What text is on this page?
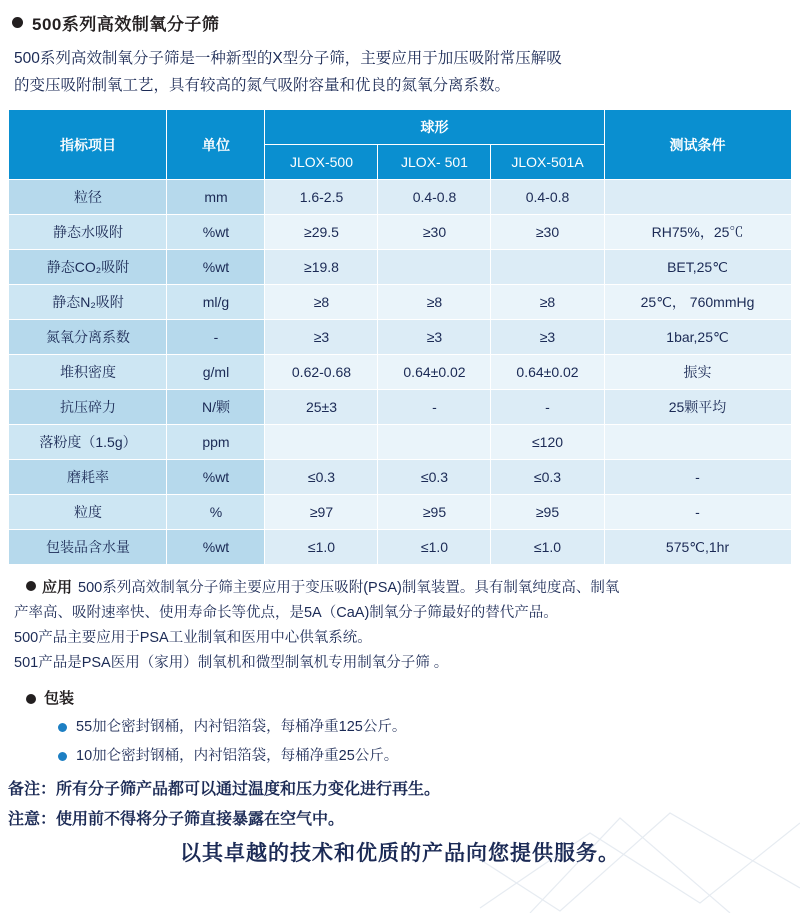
500系列高效制氧分子筛
500系列高效制氧分子筛是一种新型的X型分子筛，主要应用于加压吸附常压解吸
的变压吸附制氧工艺，具有较高的氮气吸附容量和优良的氮氧分离系数。
指标项目	单位	球形			测试条件
		JLOX-500	JLOX- 501	JLOX-501A	
粒径	mm	1.6-2.5	0.4-0.8	0.4-0.8	
静态水吸附	%wt	≥29.5	≥30	≥30	RH75%，25℃
静态CO₂吸附	%wt	≥19.8			BET,25℃
静态N₂吸附	ml/g	≥8	≥8	≥8	25℃， 760mmHg
氮氧分离系数	-	≥3	≥3	≥3	1bar,25℃
堆积密度	g/ml	0.62-0.68	0.64±0.02	0.64±0.02	振实
抗压碎力	N/颗	25±3	-	-	25颗平均
落粉度（1.5g）	ppm			≤120	
磨耗率	%wt	≤0.3	≤0.3	≤0.3	-
粒度	%	≥97	≥95	≥95	-
包装品含水量	%wt	≤1.0	≤1.0	≤1.0	575℃,1hr
应用 500系列高效制氧分子筛主要应用于变压吸附(PSA)制氧装置。具有制氧纯度高、制氧
产率高、吸附速率快、使用寿命长等优点，是5A（CaA)制氧分子筛最好的替代产品。
500产品主要应用于PSA工业制氧和医用中心供氧系统。
501产品是PSA医用（家用）制氧机和微型制氧机专用制氧分子筛 。
包装
55加仑密封钢桶，内衬铝箔袋，每桶净重125公斤。
10加仑密封钢桶，内衬铝箔袋，每桶净重25公斤。
备注：所有分子筛产品都可以通过温度和压力变化进行再生。
注意：使用前不得将分子筛直接暴露在空气中。
以其卓越的技术和优质的产品向您提供服务。
